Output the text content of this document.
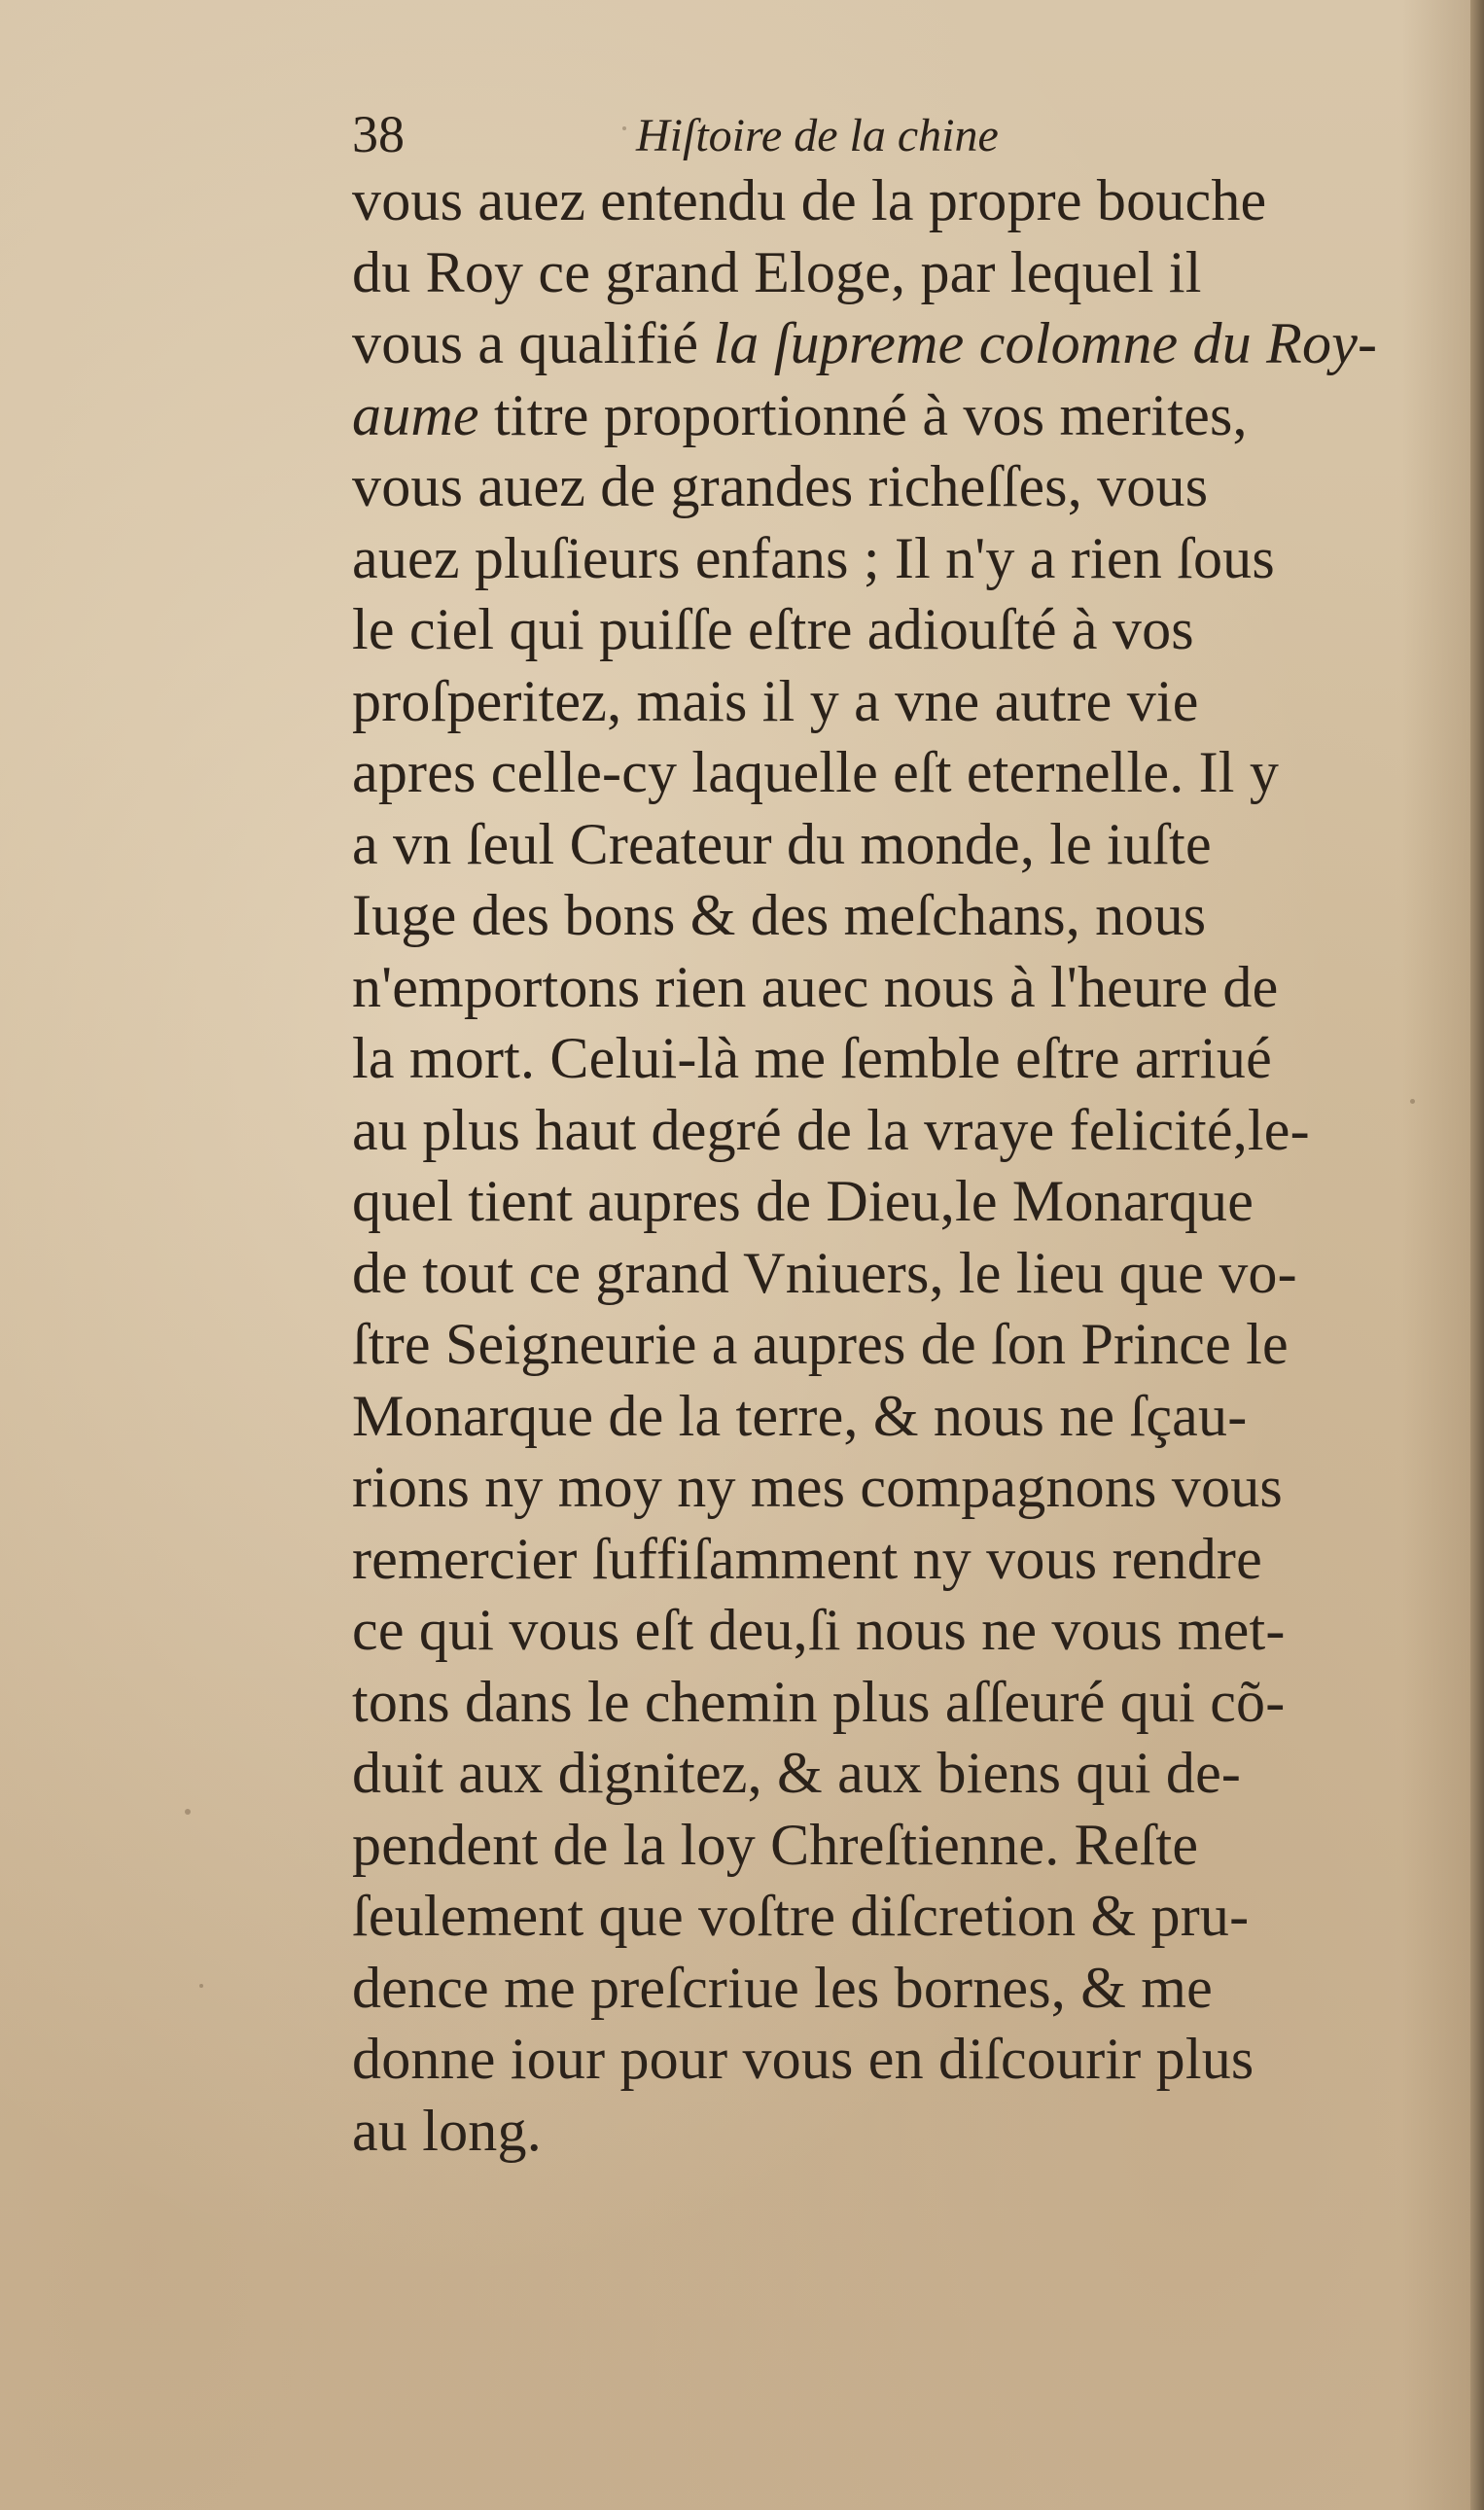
38	Hiſtoire de la chine
vous auez entendu de la propre bouche
du Roy ce grand Eloge, par lequel il
vous a qualifié la ſupreme colomne du Roy-
aume titre proportionné à vos merites,
vous auez de grandes richeſſes, vous
auez pluſieurs enfans ; Il n'y a rien ſous
le ciel qui puiſſe eſtre adiouſté à vos
proſperitez, mais il y a vne autre vie
apres celle-cy laquelle eſt eternelle. Il y
a vn ſeul Createur du monde, le iuſte
Iuge des bons & des meſchans, nous
n'emportons rien auec nous à l'heure de
la mort. Celui-là me ſemble eſtre arriué
au plus haut degré de la vraye felicité,le-
quel tient aupres de Dieu,le Monarque
de tout ce grand Vniuers, le lieu que vo-
ſtre Seigneurie a aupres de ſon Prince le
Monarque de la terre, & nous ne ſçau-
rions ny moy ny mes compagnons vous
remercier ſuffiſamment ny vous rendre
ce qui vous eſt deu,ſi nous ne vous met-
tons dans le chemin plus aſſeuré qui cõ-
duit aux dignitez, & aux biens qui de-
pendent de la loy Chreſtienne. Reſte
ſeulement que voſtre diſcretion & pru-
dence me preſcriue les bornes, & me
donne iour pour vous en diſcourir plus
au long.
